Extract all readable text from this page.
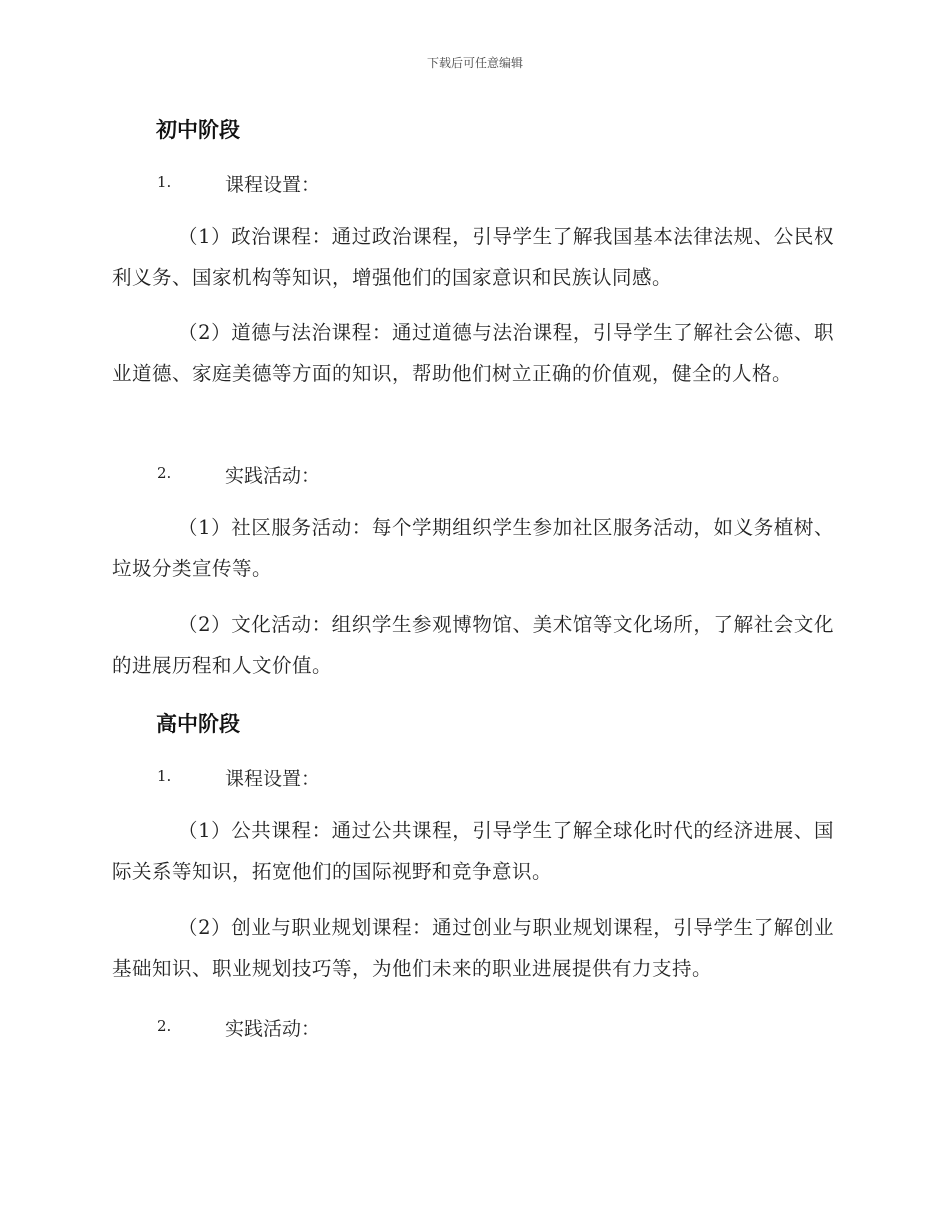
下载后可任意编辑
初中阶段
1.	课程设置：
（1）政治课程：通过政治课程，引导学生了解我国基本法律法规、公民权利义务、国家机构等知识，增强他们的国家意识和民族认同感。
（2）道德与法治课程：通过道德与法治课程，引导学生了解社会公德、职业道德、家庭美德等方面的知识，帮助他们树立正确的价值观，健全的人格。
2.	实践活动：
（1）社区服务活动：每个学期组织学生参加社区服务活动，如义务植树、垃圾分类宣传等。
（2）文化活动：组织学生参观博物馆、美术馆等文化场所，了解社会文化的进展历程和人文价值。
高中阶段
1.	课程设置：
（1）公共课程：通过公共课程，引导学生了解全球化时代的经济进展、国际关系等知识，拓宽他们的国际视野和竞争意识。
（2）创业与职业规划课程：通过创业与职业规划课程，引导学生了解创业基础知识、职业规划技巧等，为他们未来的职业进展提供有力支持。
2.	实践活动：
